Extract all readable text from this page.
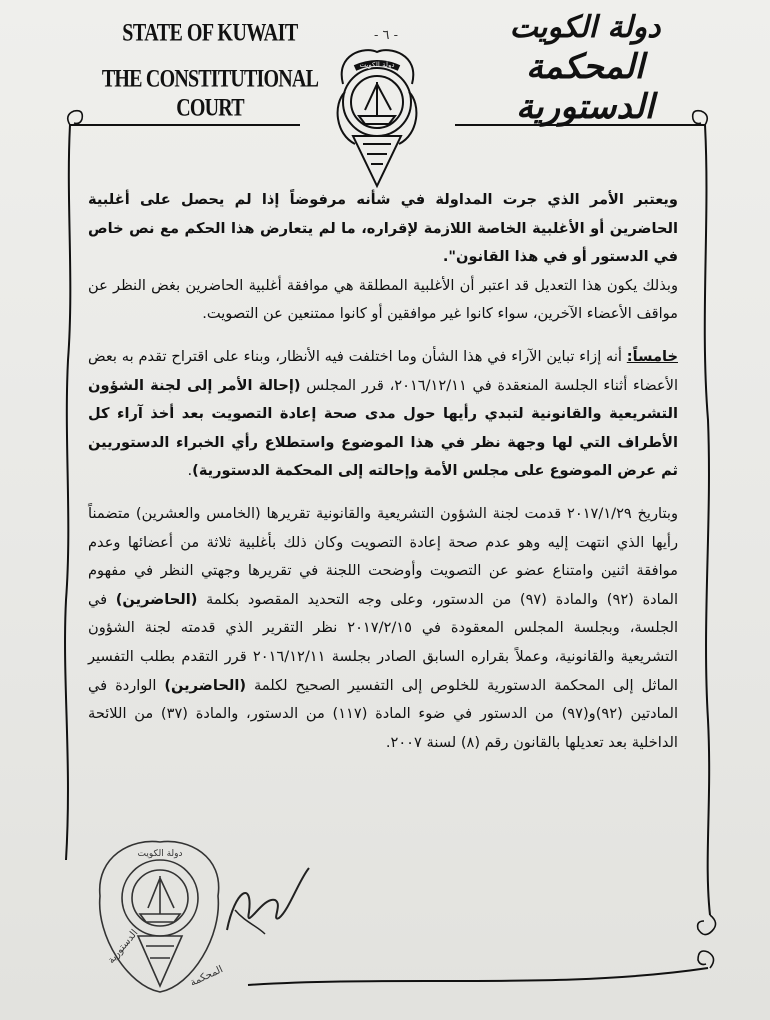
STATE OF KUWAIT
THE CONSTITUTIONAL COURT
- ٦ -
دولة الكويت
دولة الكويت
المحكمة الدستورية

ويعتبر الأمر الذي جرت المداولة في شأنه مرفوضاً إذا لم يحصل على أغلبية الحاضرين أو الأغلبية الخاصة اللازمة لإقراره، ما لم يتعارض هذا الحكم مع نص خاص في الدستور أو في هذا القانون".

وبذلك يكون هذا التعديل قد اعتبر أن الأغلبية المطلقة هي موافقة أغلبية الحاضرين بغض النظر عن مواقف الأعضاء الآخرين، سواء كانوا غير موافقين أو كانوا ممتنعين عن التصويت.

خامساً: أنه إزاء تباين الآراء في هذا الشأن وما اختلفت فيه الأنظار، وبناء على اقتراح تقدم به بعض الأعضاء أثناء الجلسة المنعقدة في ٢٠١٦/١٢/١١، قرر المجلس (إحالة الأمر إلى لجنة الشؤون التشريعية والقانونية لتبدي رأيها حول مدى صحة إعادة التصويت بعد أخذ آراء كل الأطراف التي لها وجهة نظر في هذا الموضوع واستطلاع رأي الخبراء الدستوريين ثم عرض الموضوع على مجلس الأمة وإحالته إلى المحكمة الدستورية).

وبتاريخ ٢٠١٧/١/٢٩ قدمت لجنة الشؤون التشريعية والقانونية تقريرها (الخامس والعشرين) متضمناً رأيها الذي انتهت إليه وهو عدم صحة إعادة التصويت وكان ذلك بأغلبية ثلاثة من أعضائها وعدم موافقة اثنين وامتناع عضو عن التصويت وأوضحت اللجنة في تقريرها وجهتي النظر في مفهوم المادة (٩٢) والمادة (٩٧) من الدستور، وعلى وجه التحديد المقصود بكلمة (الحاضرين) في الجلسة، وبجلسة المجلس المعقودة في ٢٠١٧/٢/١٥ نظر التقرير الذي قدمته لجنة الشؤون التشريعية والقانونية، وعملاً بقراره السابق الصادر بجلسة ٢٠١٦/١٢/١١ قرر التقدم بطلب التفسير الماثل إلى المحكمة الدستورية للخلوص إلى التفسير الصحيح لكلمة (الحاضرين) الواردة في المادتين (٩٢)و(٩٧) من الدستور في ضوء المادة (١١٧) من الدستور، والمادة (٣٧) من اللائحة الداخلية بعد تعديلها بالقانون رقم (٨) لسنة ٢٠٠٧.

دولة الكويت
الدستورية
المحكمة
